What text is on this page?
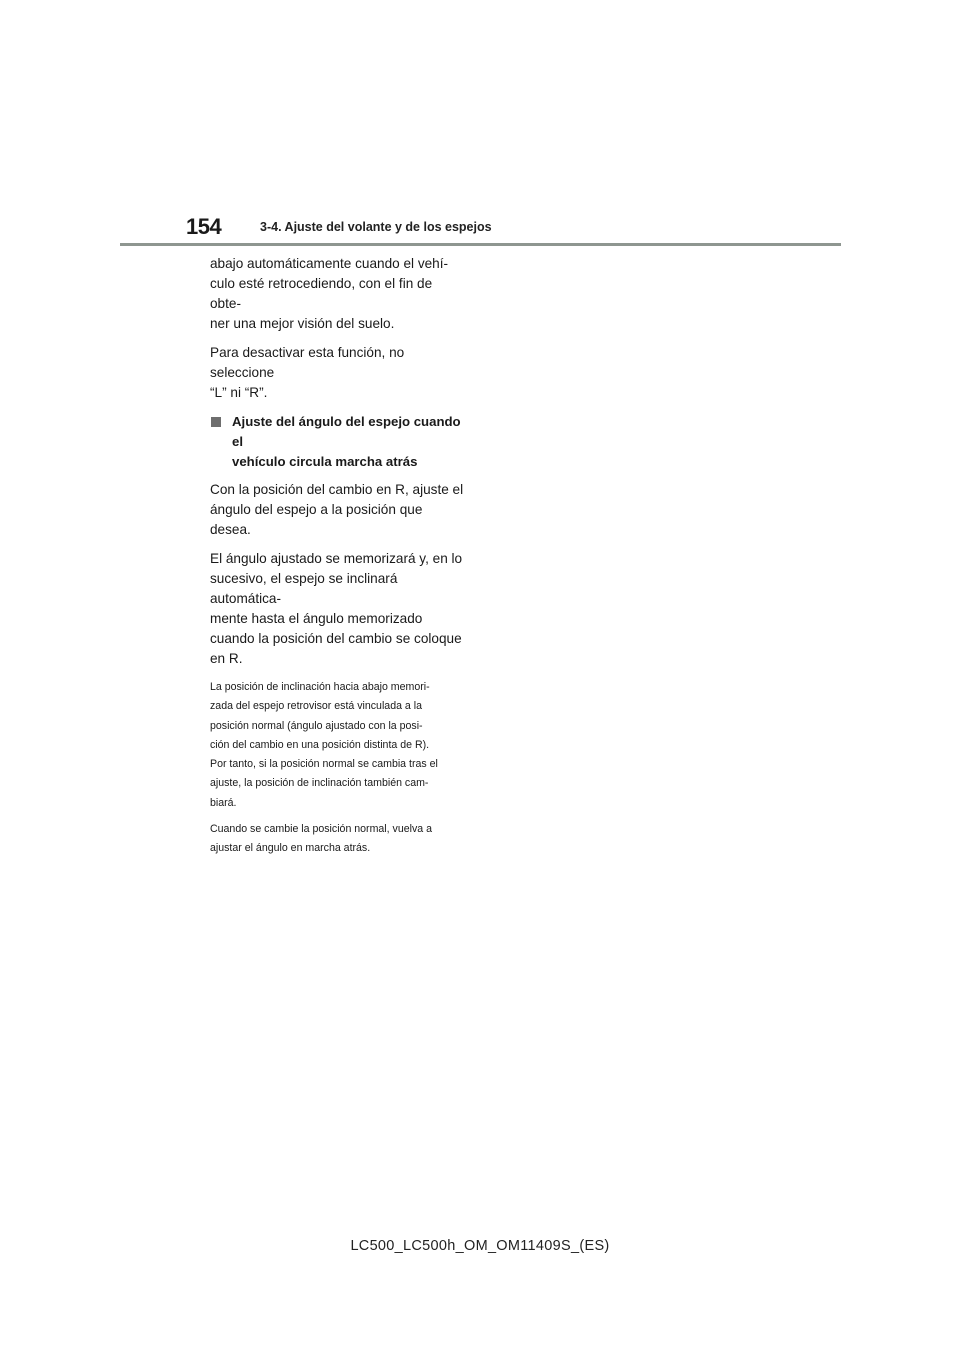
154	3-4. Ajuste del volante y de los espejos

abajo automáticamente cuando el vehí-
culo esté retrocediendo, con el fin de obte-
ner una mejor visión del suelo.

Para desactivar esta función, no seleccione
“L” ni “R”.

Ajuste del ángulo del espejo cuando el
vehículo circula marcha atrás

Con la posición del cambio en R, ajuste el
ángulo del espejo a la posición que desea.

El ángulo ajustado se memorizará y, en lo
sucesivo, el espejo se inclinará automática-
mente hasta el ángulo memorizado
cuando la posición del cambio se coloque
en R.

La posición de inclinación hacia abajo memori-
zada del espejo retrovisor está vinculada a la
posición normal (ángulo ajustado con la posi-
ción del cambio en una posición distinta de R).
Por tanto, si la posición normal se cambia tras el
ajuste, la posición de inclinación también cam-
biará.

Cuando se cambie la posición normal, vuelva a
ajustar el ángulo en marcha atrás.

LC500_LC500h_OM_OM11409S_(ES)
